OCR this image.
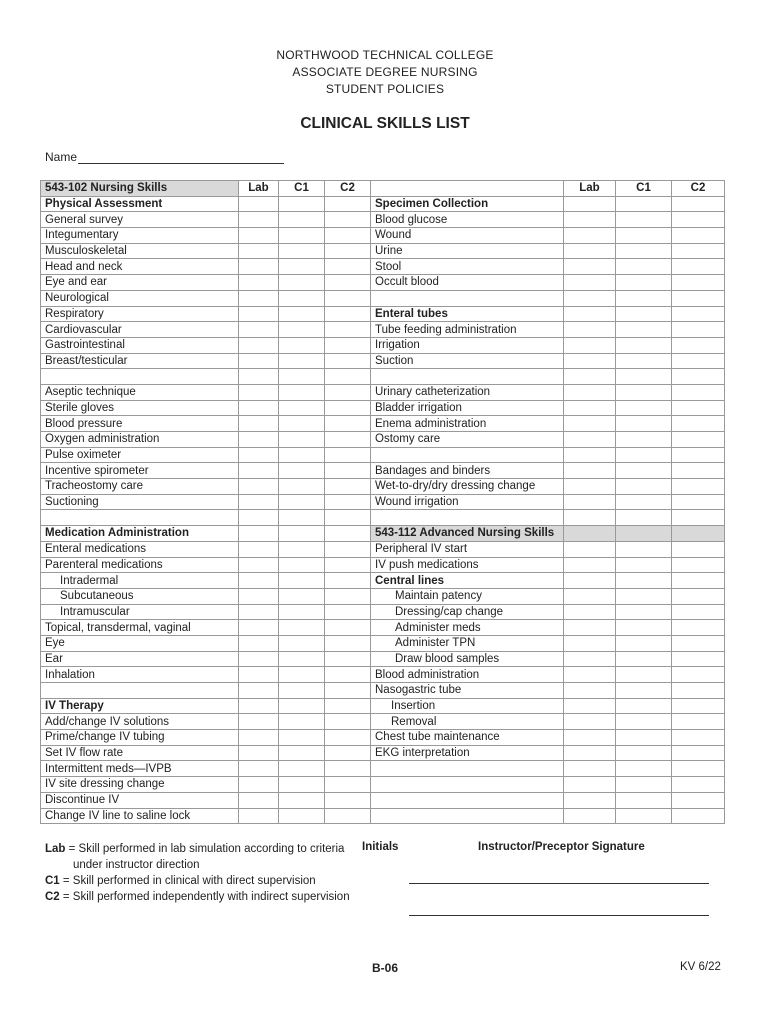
NORTHWOOD TECHNICAL COLLEGE
ASSOCIATE DEGREE NURSING
STUDENT POLICIES
CLINICAL SKILLS LIST
Name
543-102 Nursing Skills	Lab	C1	C2		Lab	C1	C2
Physical Assessment				Specimen Collection			
General survey				Blood glucose			
Integumentary				Wound			
Musculoskeletal				Urine			
Head and neck				Stool			
Eye and ear				Occult blood			
Neurological							
Respiratory				Enteral tubes			
Cardiovascular				Tube feeding administration			
Gastrointestinal				Irrigation			
Breast/testicular				Suction			

Aseptic technique				Urinary catheterization			
Sterile gloves				Bladder irrigation			
Blood pressure				Enema administration			
Oxygen administration				Ostomy care			
Pulse oximeter							
Incentive spirometer				Bandages and binders			
Tracheostomy care				Wet-to-dry/dry dressing change			
Suctioning				Wound irrigation			

Medication Administration				543-112 Advanced Nursing Skills			
Enteral medications				Peripheral IV start			
Parenteral medications				IV push medications			
Intradermal				Central lines			
Subcutaneous				Maintain patency			
Intramuscular				Dressing/cap change			
Topical, transdermal, vaginal				Administer meds			
Eye				Administer TPN			
Ear				Draw blood samples			
Inhalation				Blood administration			
				Nasogastric tube			
IV Therapy				Insertion			
Add/change IV solutions				Removal			
Prime/change IV tubing				Chest tube maintenance			
Set IV flow rate				EKG interpretation			
Intermittent meds—IVPB							
IV site dressing change							
Discontinue IV							
Change IV line to saline lock							
Lab = Skill performed in lab simulation according to criteria
under instructor direction
C1 = Skill performed in clinical with direct supervision
C2 = Skill performed independently with indirect supervision
Initials	Instructor/Preceptor Signature
B-06	KV 6/22
